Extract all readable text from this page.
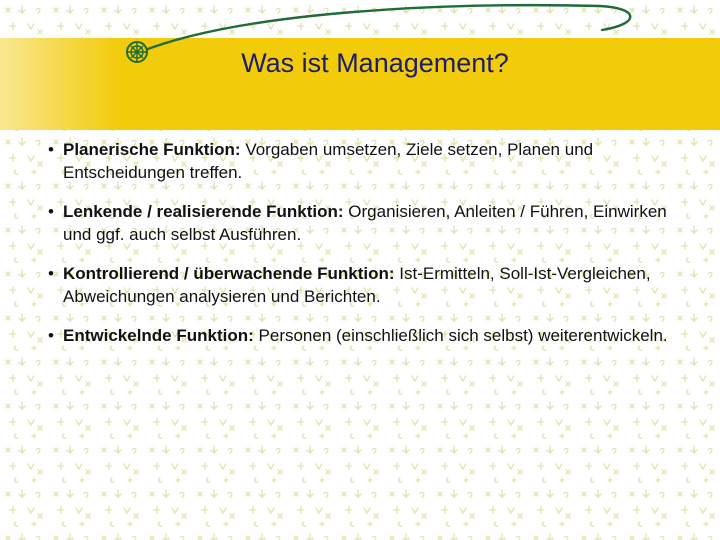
Was ist Management?
• Planerische Funktion: Vorgaben umsetzen, Ziele setzen, Planen und Entscheidungen treffen.
• Lenkende / realisierende Funktion: Organisieren, Anleiten / Führen, Einwirken und ggf. auch selbst Ausführen.
• Kontrollierend / überwachende Funktion: Ist-Ermitteln, Soll-Ist-Vergleichen, Abweichungen analysieren und Berichten.
• Entwickelnde Funktion: Personen (einschließlich sich selbst) weiterentwickeln.
